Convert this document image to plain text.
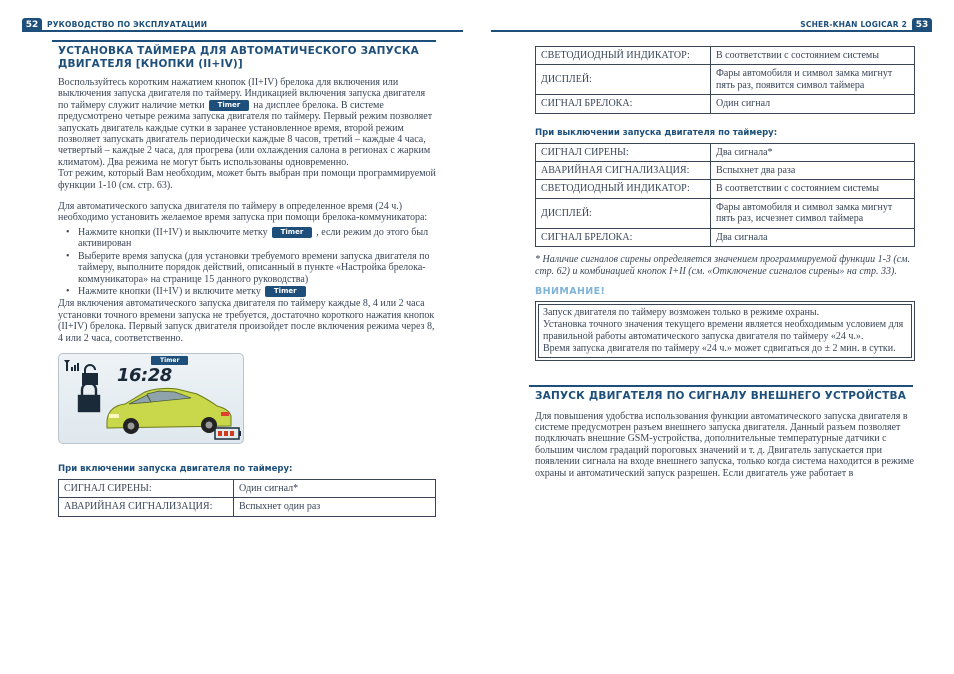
52	РУКОВОДСТВО ПО ЭКСПЛУАТАЦИИ
УСТАНОВКА ТАЙМЕРА ДЛЯ АВТОМАТИЧЕСКОГО ЗАПУСКА ДВИГАТЕЛЯ [КНОПКИ (II+IV)]

Воспользуйтесь коротким нажатием кнопок (II+IV) брелока для включения или выключения запуска двигателя по таймеру. Индикацией включения запуска двигателя по таймеру служит наличие метки Timer на дисплее брелока. В системе предусмотрено четыре режима запуска двигателя по таймеру. Первый режим позволяет запускать двигатель каждые сутки в заранее установленное время, второй режим позволяет запускать двигатель периодически каждые 8 часов, третий – каждые 4 часа, четвертый – каждые 2 часа, для прогрева (или охлаждения салона в регионах с жарким климатом). Два режима не могут быть использованы одновременно.

Тот режим, который Вам необходим, может быть выбран при помощи программируемой функции 1-10 (см. стр. 63).

Для автоматического запуска двигателя по таймеру в определенное время (24 ч.) необходимо установить желаемое время запуска при помощи брелока-коммуникатора:

• Нажмите кнопки (II+IV) и выключите метку Timer , если режим до этого был активирован
• Выберите время запуска (для установки требуемого времени запуска двигателя по таймеру, выполните порядок действий, описанный в пункте «Настройка брелока-коммуникатора» на странице 15 данного руководства)
• Нажмите кнопки (II+IV) и включите метку Timer

Для включения автоматического запуска двигателя по таймеру каждые 8, 4 или 2 часа установки точного времени запуска не требуется, достаточно короткого нажатия кнопок (II+IV) брелока. Первый запуск двигателя произойдет после включения режима через 8, 4 или 2 часа, соответственно.

Timer
16:28
При включении запуска двигателя по таймеру:
СИГНАЛ СИРЕНЫ:	Один сигнал*
АВАРИЙНАЯ СИГНАЛИЗАЦИЯ:	Вспыхнет один раз
53
SCHER-KHAN LOGICAR 2
СВЕТОДИОДНЫЙ ИНДИКАТОР:	В соответствии с состоянием системы
ДИСПЛЕЙ:	Фары автомобиля и символ замка мигнут пять раз, появится символ таймера
СИГНАЛ БРЕЛОКА:	Один сигнал
При выключении запуска двигателя по таймеру:
СИГНАЛ СИРЕНЫ:	Два сигнала*
АВАРИЙНАЯ СИГНАЛИЗАЦИЯ:	Вспыхнет два раза
СВЕТОДИОДНЫЙ ИНДИКАТОР:	В соответствии с состоянием системы
ДИСПЛЕЙ:	Фары автомобиля и символ замка мигнут пять раз, исчезнет символ таймера
СИГНАЛ БРЕЛОКА:	Два сигнала

* Наличие сигналов сирены определяется значением программируемой функции 1-3 (см. стр. 62) и комбинацией кнопок I+II (см. «Отключение сигналов сирены» на стр. 33).

ВНИМАНИЕ!

Запуск двигателя по таймеру возможен только в режиме охраны.

Установка точного значения текущего времени является необходимым условием для правильной работы автоматического запуска двигателя по таймеру «24 ч.».

Время запуска двигателя по таймеру «24 ч.» может сдвигаться до ± 2 мин. в сутки.

ЗАПУСК ДВИГАТЕЛЯ ПО СИГНАЛУ ВНЕШНЕГО УСТРОЙСТВА

Для повышения удобства использования функции автоматического запуска двигателя в системе предусмотрен разъем внешнего запуска двигателя. Данный разъем позволяет подключать внешние GSM-устройства, дополнительные температурные датчики с большим числом градаций пороговых значений и т. д. Двигатель запускается при появлении сигнала на входе внешнего запуска, только когда система находится в режиме охраны и автоматический запуск разрешен. Если двигатель уже работает в
